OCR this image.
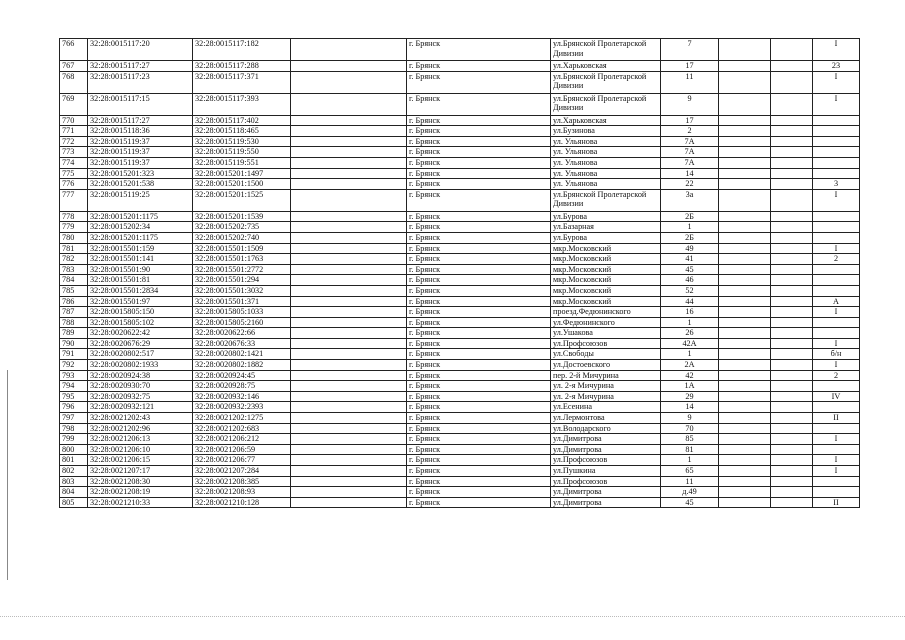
766	32:28:0015117:20	32:28:0015117:182		г. Брянск	ул.Брянской Пролетарской Дивизии	7			I
767	32:28:0015117:27	32:28:0015117:288		г. Брянск	ул.Харьковская	17			23
768	32:28:0015117:23	32:28:0015117:371		г. Брянск	ул.Брянской Пролетарской Дивизии	11			I
769	32:28:0015117:15	32:28:0015117:393		г. Брянск	ул.Брянской Пролетарской Дивизии	9			I
770	32:28:0015117:27	32:28:0015117:402		г. Брянск	ул.Харьковская	17			
771	32:28:0015118:36	32:28:0015118:465		г. Брянск	ул.Бузинова	2			
772	32:28:0015119:37	32:28:0015119:530		г. Брянск	ул. Ульянова	7А			
773	32:28:0015119:37	32:28:0015119:550		г. Брянск	ул. Ульянова	7А			
774	32:28:0015119:37	32:28:0015119:551		г. Брянск	ул. Ульянова	7А			
775	32:28:0015201:323	32:28:0015201:1497		г. Брянск	ул. Ульянова	14			
776	32:28:0015201:538	32:28:0015201:1500		г. Брянск	ул. Ульянова	22			3
777	32:28:0015119:25	32:28:0015201:1525		г. Брянск	ул.Брянской Пролетарской Дивизии	3а			I
778	32:28:0015201:1175	32:28:0015201:1539		г. Брянск	ул.Бурова	2Б			
779	32:28:0015202:34	32:28:0015202:735		г. Брянск	ул.Базарная	1			
780	32:28:0015201:1175	32:28:0015202:740		г. Брянск	ул.Бурова	2Б			
781	32:28:0015501:159	32:28:0015501:1509		г. Брянск	мкр.Московский	49			I
782	32:28:0015501:141	32:28:0015501:1763		г. Брянск	мкр.Московский	41			2
783	32:28:0015501:90	32:28:0015501:2772		г. Брянск	мкр.Московский	45			
784	32:28:0015501:81	32:28:0015501:294		г. Брянск	мкр.Московский	46			
785	32:28:0015501:2834	32:28:0015501:3032		г. Брянск	мкр.Московский	52			
786	32:28:0015501:97	32:28:0015501:371		г. Брянск	мкр.Московский	44			А
787	32:28:0015805:150	32:28:0015805:1033		г. Брянск	проезд.Федюнинского	16			I
788	32:28:0015805:102	32:28:0015805:2160		г. Брянск	ул.Федюнинского	1			
789	32:28:0020622:42	32:28:0020622:66		г. Брянск	ул.Ушакова	26			
790	32:28:0020676:29	32:28:0020676:33		г. Брянск	ул.Профсоюзов	42А			I
791	32:28:0020802:517	32:28:0020802:1421		г. Брянск	ул.Свободы	1			б/н
792	32:28:0020802:1933	32:28:0020802:1882		г. Брянск	ул.Достоевского	2А			I
793	32:28:0020924:38	32:28:0020924:45		г. Брянск	пер. 2-й Мичурина	42			2
794	32:28:0020930:70	32:28:0020928:75		г. Брянск	ул. 2-я Мичурина	1А			
795	32:28:0020932:75	32:28:0020932:146		г. Брянск	ул. 2-я Мичурина	29			IV
796	32:28:0020932:121	32:28:0020932:2393		г. Брянск	ул.Есенина	14			
797	32:28:0021202:43	32:28:0021202:1275		г. Брянск	ул.Лермонтова	9			II
798	32:28:0021202:96	32:28:0021202:683		г. Брянск	ул.Володарского	70			
799	32:28:0021206:13	32:28:0021206:212		г. Брянск	ул.Димитрова	85			I
800	32:28:0021206:10	32:28:0021206:59		г. Брянск	ул.Димитрова	81			
801	32:28:0021206:15	32:28:0021206:77		г. Брянск	ул.Профсоюзов	1			I
802	32:28:0021207:17	32:28:0021207:284		г. Брянск	ул.Пушкина	65			I
803	32:28:0021208:30	32:28:0021208:385		г. Брянск	ул.Профсоюзов	11			
804	32:28:0021208:19	32:28:0021208:93		г. Брянск	ул.Димитрова	д.49			
805	32:28:0021210:33	32:28:0021210:128		г. Брянск	ул.Димитрова	45			II
